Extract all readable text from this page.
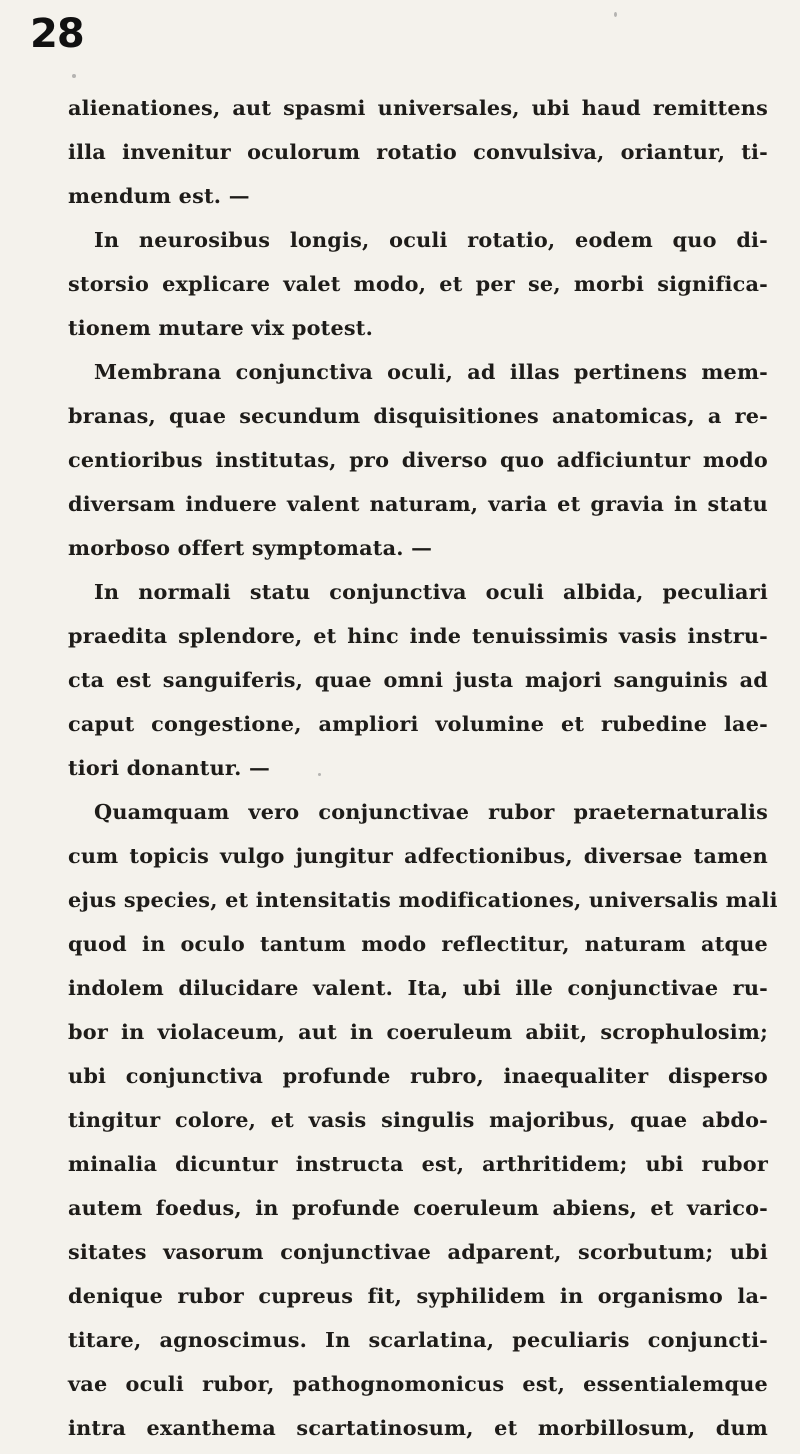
28
alienationes, aut spasmi universales, ubi haud remittens
illa invenitur oculorum rotatio convulsiva, oriantur, ti-
mendum est. —
In neurosibus longis, oculi rotatio, eodem quo di-
storsio explicare valet modo, et per se, morbi significa-
tionem mutare vix potest.
Membrana conjunctiva oculi, ad illas pertinens mem-
branas, quae secundum disquisitiones anatomicas, a re-
centioribus institutas, pro diverso quo adficiuntur modo
diversam induere valent naturam, varia et gravia in statu
morboso offert symptomata. —
In normali statu conjunctiva oculi albida, peculiari
praedita splendore, et hinc inde tenuissimis vasis instru-
cta est sanguiferis, quae omni justa majori sanguinis ad
caput congestione, ampliori volumine et rubedine lae-
tiori donantur. —
Quamquam vero conjunctivae rubor praeternaturalis
cum topicis vulgo jungitur adfectionibus, diversae tamen
ejus species, et intensitatis modificationes, universalis mali
quod in oculo tantum modo reflectitur, naturam atque
indolem dilucidare valent. Ita, ubi ille conjunctivae ru-
bor in violaceum, aut in coeruleum abiit, scrophulosim;
ubi conjunctiva profunde rubro, inaequaliter disperso
tingitur colore, et vasis singulis majoribus, quae abdo-
minalia dicuntur instructa est, arthritidem; ubi rubor
autem foedus, in profunde coeruleum abiens, et varico-
sitates vasorum conjunctivae adparent, scorbutum; ubi
denique rubor cupreus fit, syphilidem in organismo la-
titare, agnoscimus. In scarlatina, peculiaris conjuncti-
vae oculi rubor, pathognomonicus est, essentialemque
intra exanthema scartatinosum, et morbillosum, dum
